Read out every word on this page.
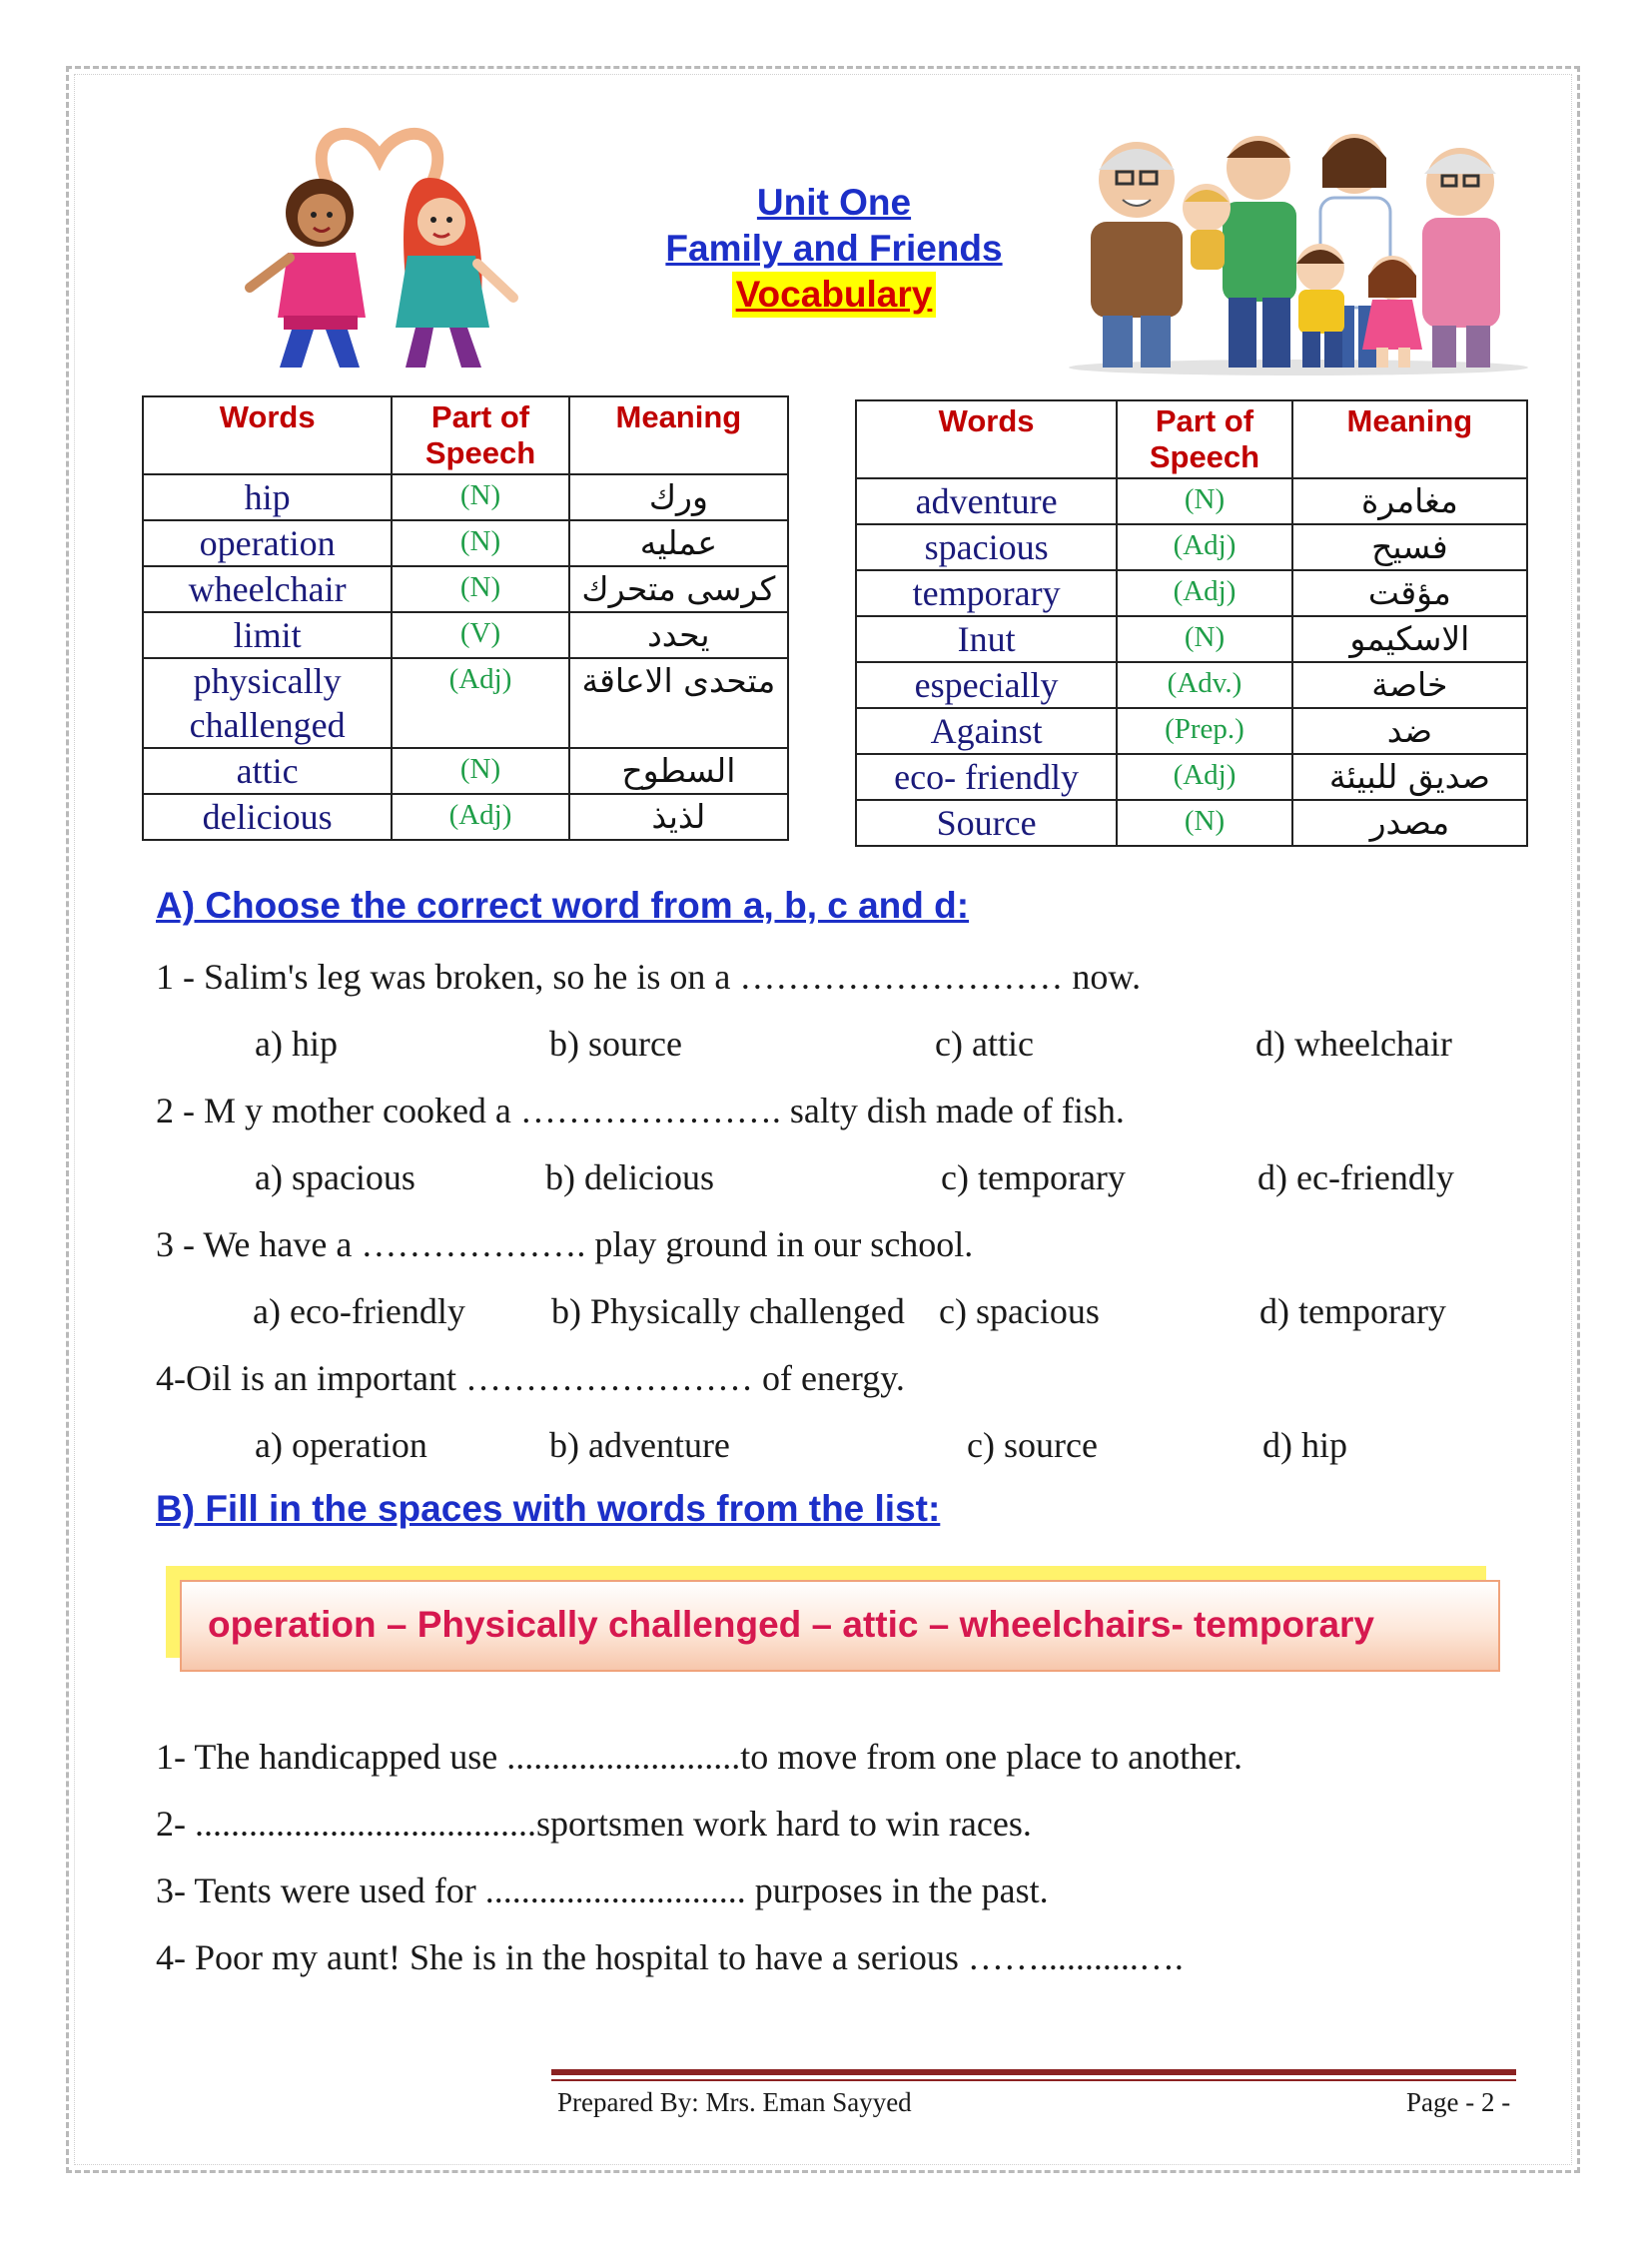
Unit One
Family and Friends
Vocabulary
Words	Part of Speech	Meaning
hip	(N)	ورك
operation	(N)	عمليه
wheelchair	(N)	كرسى متحرك
limit	(V)	يحدد
physically challenged	(Adj)	متحدى الاعاقة
attic	(N)	السطوح
delicious	(Adj)	لذيذ
Words	Part of Speech	Meaning
adventure	(N)	مغامرة
spacious	(Adj)	فسيح
temporary	(Adj)	مؤقت
Inut	(N)	الاسكيمو
especially	(Adv.)	خاصة
Against	(Prep.)	ضد
eco- friendly	(Adj)	صديق للبيئة
Source	(N)	مصدر
A) Choose the correct word from a, b, c and d:
1 - Salim's leg was broken, so he is on a ……………………… now.
a) hip	b) source	c) attic	d) wheelchair
2 - M y mother cooked a …………………. salty dish made of fish.
a) spacious	b) delicious	c) temporary	d) ec-friendly
3 - We have a ………………. play ground in our school.
a) eco-friendly b) Physically challenged c) spacious	d) temporary
4-Oil is an important …………………… of energy.
a) operation	b) adventure	c) source	d) hip
B) Fill in the spaces with words from the list:
operation – Physically challenged – attic – wheelchairs- temporary
1- The handicapped use ..........................to move from one place to another.
2- ......................................sportsmen work hard to win races.
3- Tents were used for ............................. purposes in the past.
4- Poor my aunt! She is in the hospital to have a serious ……...........….
Prepared By: Mrs. Eman Sayyed	Page - 2 -
